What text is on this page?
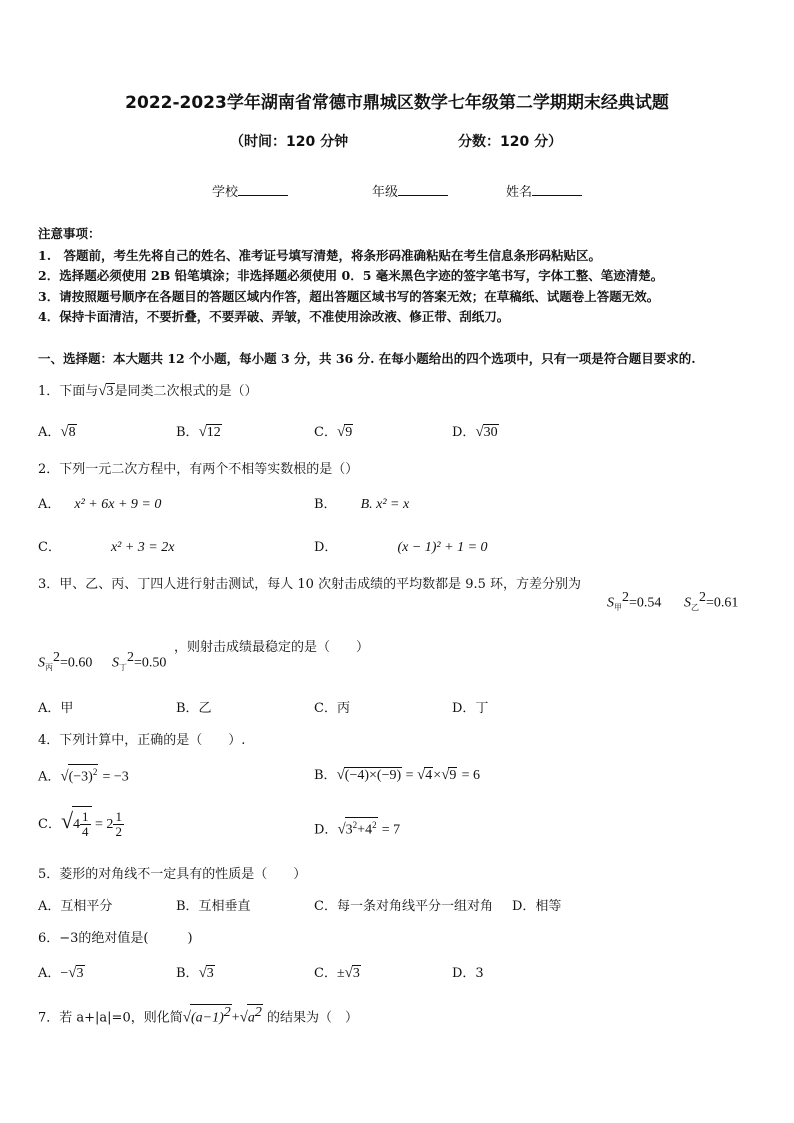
2022-2023学年湖南省常德市鼎城区数学七年级第二学期期末经典试题
（时间：120 分钟	分数：120 分）
学校	年级	姓名
注意事项：
1.　答题前，考生先将自己的姓名、准考证号填写清楚，将条形码准确粘贴在考生信息条形码粘贴区。
2．选择题必须使用 2B 铅笔填涂；非选择题必须使用 0．5 毫米黑色字迹的签字笔书写，字体工整、笔迹清楚。
3．请按照题号顺序在各题目的答题区域内作答，超出答题区域书写的答案无效；在草稿纸、试题卷上答题无效。
4．保持卡面清洁，不要折叠，不要弄破、弄皱，不准使用涂改液、修正带、刮纸刀。
一、选择题：本大题共 12 个小题，每小题 3 分，共 36 分. 在每小题给出的四个选项中，只有一项是符合题目要求的.
1．下面与√3是同类二次根式的是（）
A．√8	B．√12	C．√9	D．√30
2．下列一元二次方程中，有两个不相等实数根的是（）
A． x² + 6x + 9 = 0	B． B. x² = x
C．	x² + 3 = 2x	D．	(x − 1)² + 1 = 0
3．甲、乙、丙、丁四人进行射击测试，每人 10 次射击成绩的平均数都是 9.5 环，方差分别为
$S_甲^2=0.54$ $S_乙^2=0.61$
$S_丙^2=0.60$ $S_丁^2=0.50$
，则射击成绩最稳定的是（　　）
A．甲	B．乙	C．丙	D．丁
4．下列计算中，正确的是（　　）.
A．$√(-3)^2 = -3$	B．√(−4)×(−9) = √4×√9 = 6
C．$√4 \frac{1}{4} = 2 \frac{1}{2}$	D．$√3^2+4^2 = 7$
5．菱形的对角线不一定具有的性质是（　　）
A．互相平分	B．互相垂直	C．每一条对角线平分一组对角 D．相等
6．−3的绝对值是(　　　)
A．−√3	B．√3	C．±√3	D．3
7．若 a+|a|=0，则化简$√(a-1)^2+√a^2$ 的结果为（　）
